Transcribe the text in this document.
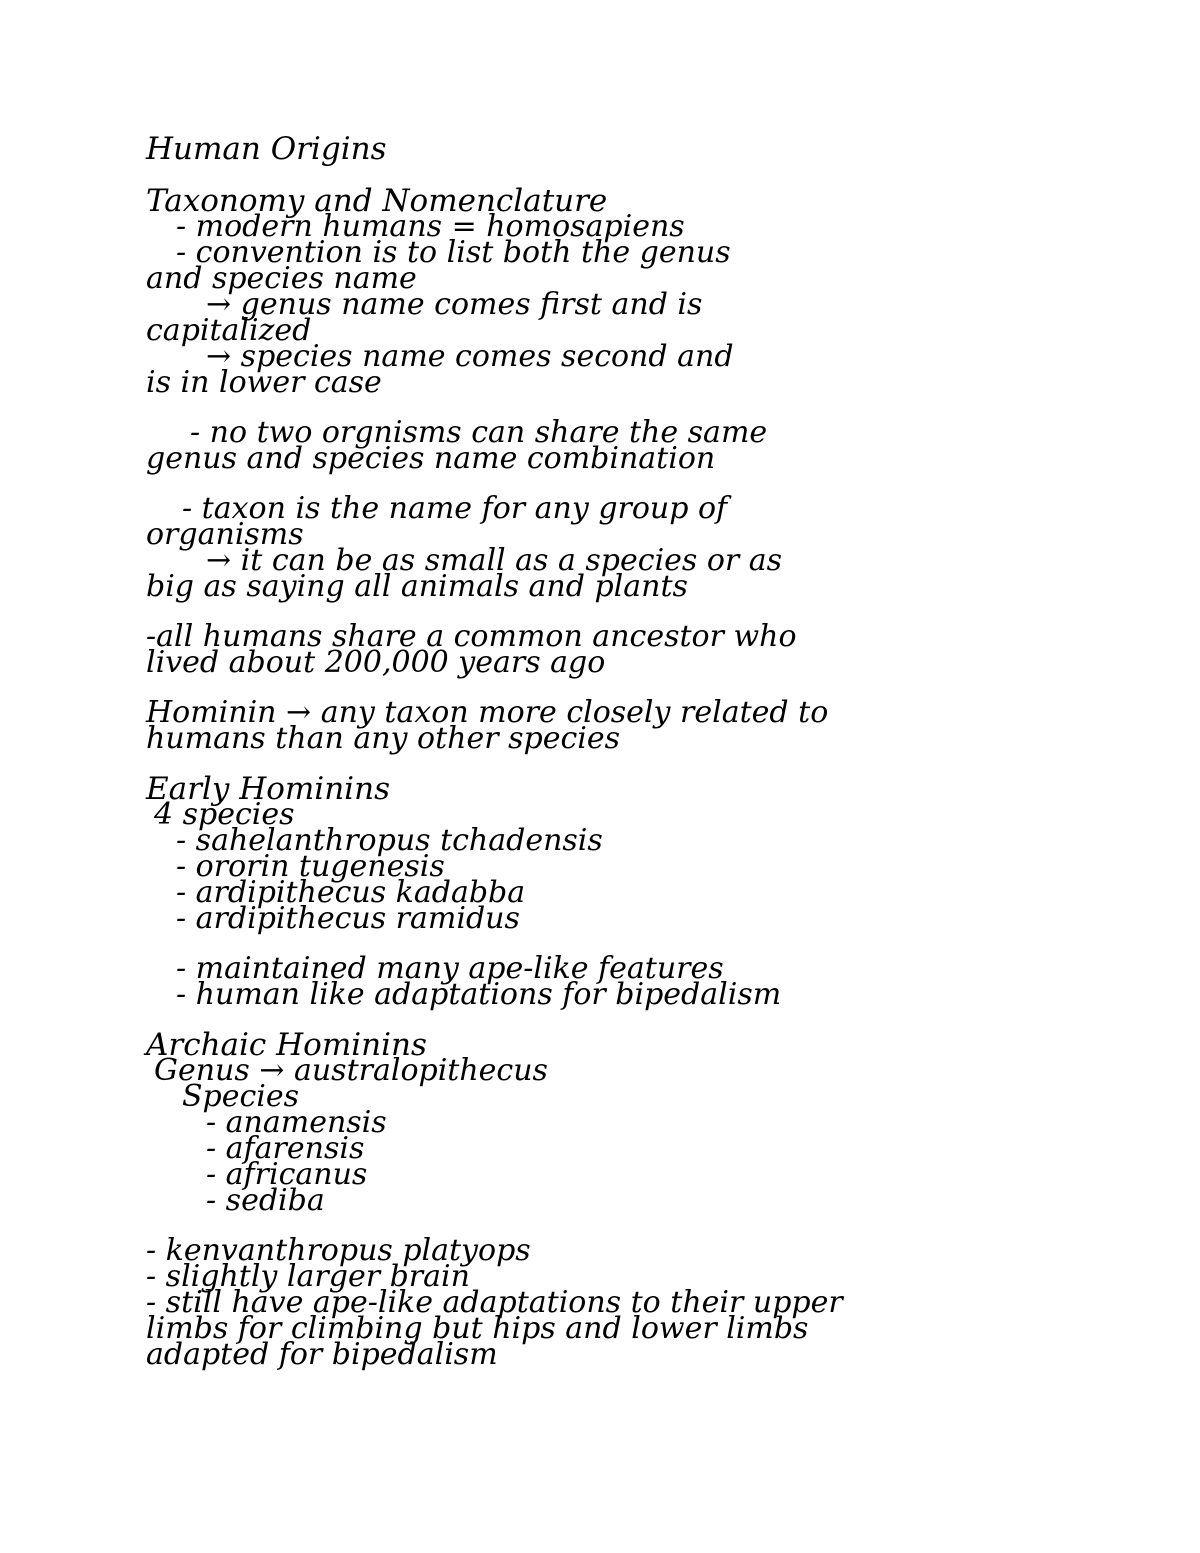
Human Origins
Taxonomy and Nomenclature
- modern humans = homosapiens
- convention is to list both the genus
and species name
→ genus name comes first and is
capitalized
→ species name comes second and
is in lower case
- no two orgnisms can share the same
genus and species name combination
- taxon is the name for any group of
organisms
→ it can be as small as a species or as
big as saying all animals and plants
-all humans share a common ancestor who
lived about 200,000 years ago
Hominin → any taxon more closely related to
humans than any other species
Early Hominins
4 species
- sahelanthropus tchadensis
- ororin tugenesis
- ardipithecus kadabba
- ardipithecus ramidus
- maintained many ape-like features
- human like adaptations for bipedalism
Archaic Hominins
Genus → australopithecus
Species
- anamensis
- afarensis
- africanus
- sediba
- kenvanthropus platyops
- slightly larger brain
- still have ape-like adaptations to their upper
limbs for climbing but hips and lower limbs
adapted for bipedalism
